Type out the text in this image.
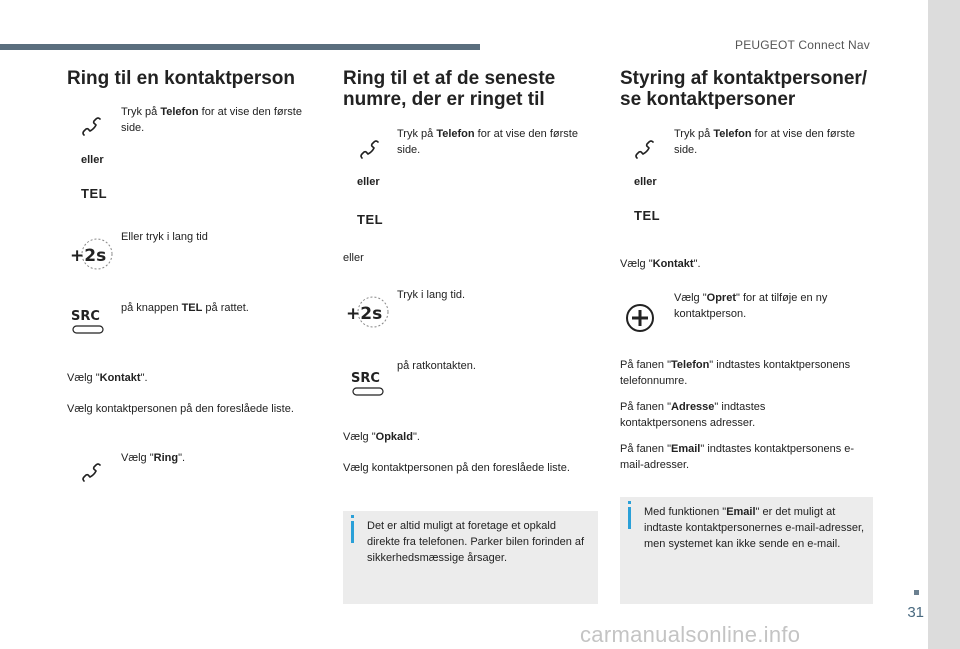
PEUGEOT Connect Nav
31
carmanualsonline.info
Ring til en kontaktperson
Tryk på Telefon for at vise den første side.
eller
TEL
+2s
Eller tryk i lang tid
SRC
på knappen TEL på rattet.
Vælg "Kontakt".
Vælg kontaktpersonen på den foreslåede liste.
Vælg "Ring".
Ring til et af de seneste
numre, der er ringet til
Tryk på Telefon for at vise den første side.
eller
TEL
eller
+2s
Tryk i lang tid.
SRC
på ratkontakten.
Vælg "Opkald".
Vælg kontaktpersonen på den foreslåede liste.
Det er altid muligt at foretage et opkald direkte fra telefonen. Parker bilen forinden af sikkerhedsmæssige årsager.
Styring af kontaktpersoner/
se kontaktpersoner
Tryk på Telefon for at vise den første side.
eller
TEL
Vælg "Kontakt".
Vælg "Opret" for at tilføje en ny kontaktperson.
På fanen "Telefon" indtastes kontaktpersonens telefonnumre.
På fanen "Adresse" indtastes kontaktpersonens adresser.
På fanen "Email" indtastes kontaktpersonens e-mail-adresser.
Med funktionen "Email" er det muligt at indtaste kontaktpersonernes e-mail-adresser, men systemet kan ikke sende en e-mail.
